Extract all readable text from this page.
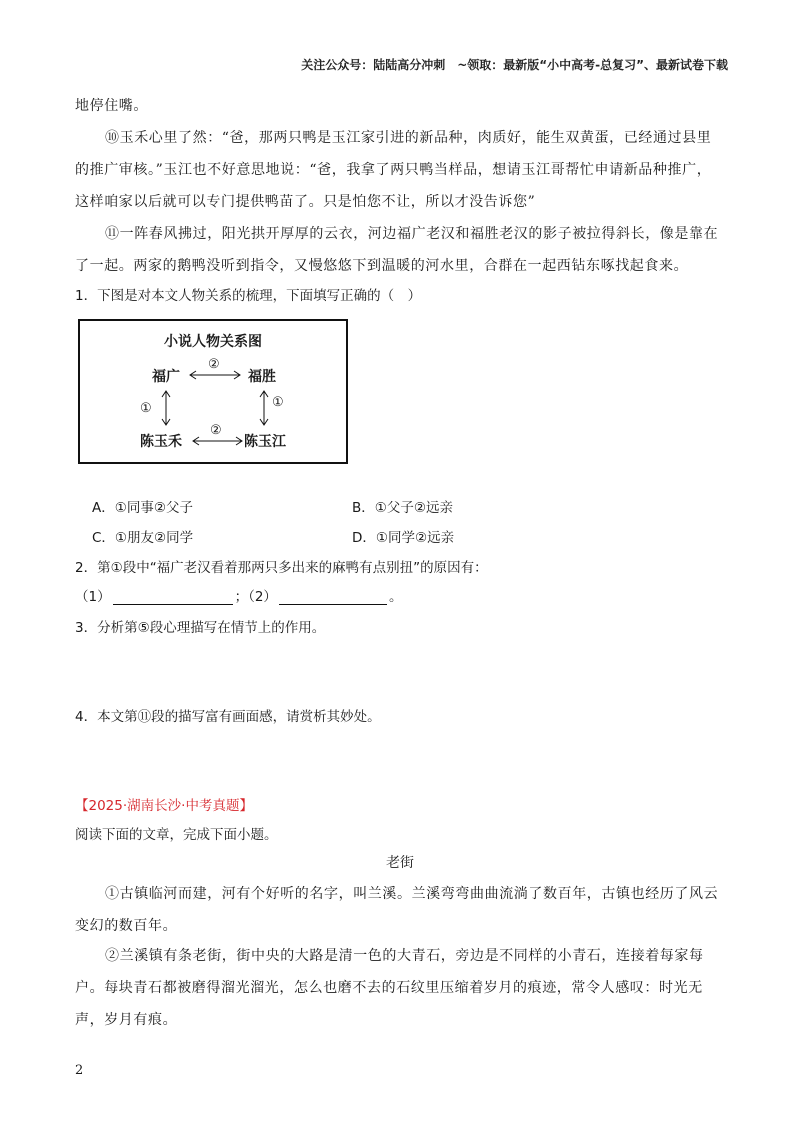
关注公众号：陆陆高分冲刺　~领取：最新版“小中高考-总复习”、最新试卷下载
地停住嘴。
⑩玉禾心里了然：“爸，那两只鸭是玉江家引进的新品种，肉质好，能生双黄蛋，已经通过县里的推广审核。”玉江也不好意思地说：“爸，我拿了两只鸭当样品，想请玉江哥帮忙申请新品种推广，这样咱家以后就可以专门提供鸭苗了。只是怕您不让，所以才没告诉您”
⑪一阵春风拂过，阳光拱开厚厚的云衣，河边福广老汉和福胜老汉的影子被拉得斜长，像是靠在了一起。两家的鹅鸭没听到指令，又慢悠悠下到温暖的河水里，合群在一起西钻东啄找起食来。
1．下图是对本文人物关系的梳理，下面填写正确的（　）
小说人物关系图
福广	福胜
陈玉禾	陈玉江
②
②
①	①
A．①同事②父子	B．①父子②远亲
C．①朋友②同学	D．①同学②远亲
2．第①段中“福广老汉看着那两只多出来的麻鸭有点别扭”的原因有：
（1）	；（2）	。
3．分析第⑤段心理描写在情节上的作用。
4．本文第⑪段的描写富有画面感，请赏析其妙处。
【2025·湖南长沙·中考真题】
阅读下面的文章，完成下面小题。
老街
①古镇临河而建，河有个好听的名字，叫兰溪。兰溪弯弯曲曲流淌了数百年，古镇也经历了风云变幻的数百年。
②兰溪镇有条老街，街中央的大路是清一色的大青石，旁边是不同样的小青石，连接着每家每户。每块青石都被磨得溜光溜光，怎么也磨不去的石纹里压缩着岁月的痕迹，常令人感叹：时光无声，岁月有痕。
2
